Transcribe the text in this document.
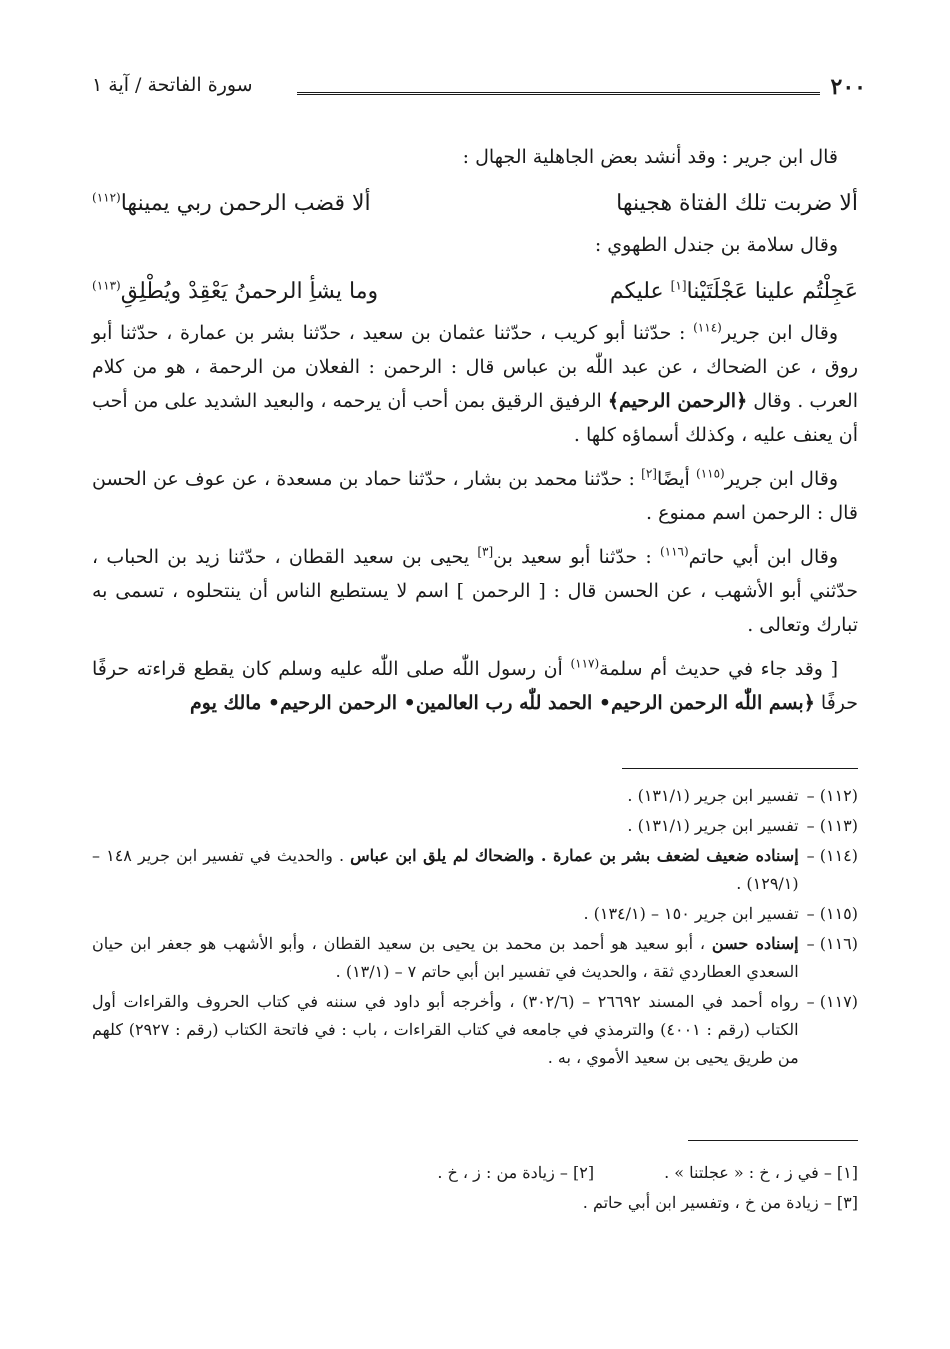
٢٠٠
سورة الفاتحة / آية ١
قال ابن جرير : وقد أنشد بعض الجاهلية الجهال :
ألا ضربت تلك الفتاة هجينها
ألا قضب الرحمن ربي يمينها$^{(١١٢)}$
وقال سلامة بن جندل الطهوي :
عَجِلْتُم علينا عَجْلَتَيْنا[١] عليكم
وما يشأِ الرحمنُ يَعْقِدْ ويُطْلِقِ$^{(١١٣)}$
وقال ابن جرير$^{(١١٤)}$ : حدّثنا أبو كريب ، حدّثنا عثمان بن سعيد ، حدّثنا بشر بن عمارة ، حدّثنا أبو روق ، عن الضحاك ، عن عبد اللّٰه بن عباس قال : الرحمن : الفعلان من الرحمة ، هو من كلام العرب . وقال ﴿الرحمن الرحيم﴾ الرفيق الرقيق بمن أحب أن يرحمه ، والبعيد الشديد على من أحب أن يعنف عليه ، وكذلك أسماؤه كلها .
وقال ابن جرير$^{(١١٥)}$ أيضًا[٢] : حدّثنا محمد بن بشار ، حدّثنا حماد بن مسعدة ، عن عوف عن الحسن قال : الرحمن اسم ممنوع .
وقال ابن أبي حاتم$^{(١١٦)}$ : حدّثنا أبو سعيد بن[٣] يحيى بن سعيد القطان ، حدّثنا زيد بن الحباب ، حدّثني أبو الأشهب ، عن الحسن قال : [ الرحمن ] اسم لا يستطيع الناس أن ينتحلوه ، تسمى به تبارك وتعالى .
[ وقد جاء في حديث أم سلمة$^{(١١٧)}$ أن رسول اللّٰه صلى اللّٰه عليه وسلم كان يقطع قراءته حرفًا حرفًا ﴿بسم اللّٰه الرحمن الرحيم• الحمد للّٰه رب العالمين• الرحمن الرحيم• مالك يوم
(١١٢) –
تفسير ابن جرير (١٣١/١) .
(١١٣) –
تفسير ابن جرير (١٣١/١) .
(١١٤) –
إسناده ضعيف لضعف بشر بن عمارة . والضحاك لم يلق ابن عباس . والحديث في تفسير ابن جرير ١٤٨ – (١٢٩/١) .
(١١٥) –
تفسير ابن جرير ١٥٠ – (١٣٤/١) .
(١١٦) –
إسناده حسن ، أبو سعيد هو أحمد بن محمد بن يحيى بن سعيد القطان ، وأبو الأشهب هو جعفر ابن حيان السعدي العطاردي ثقة ، والحديث في تفسير ابن أبي حاتم ٧ – (١٣/١) .
(١١٧) –
رواه أحمد في المسند ٢٦٦٩٢ – (٣٠٢/٦) ، وأخرجه أبو داود في سننه في كتاب الحروف والقراءات أول الكتاب (رقم : ٤٠٠١) والترمذي في جامعه في كتاب القراءات ، باب : في فاتحة الكتاب (رقم : ٢٩٢٧) كلهم من طريق يحيى بن سعيد الأموي ، به .
[١] – في ز ، خ : « عجلتنا » .
[٢] – زيادة من : ز ، خ .
[٣] – زيادة من خ ، وتفسير ابن أبي حاتم .
